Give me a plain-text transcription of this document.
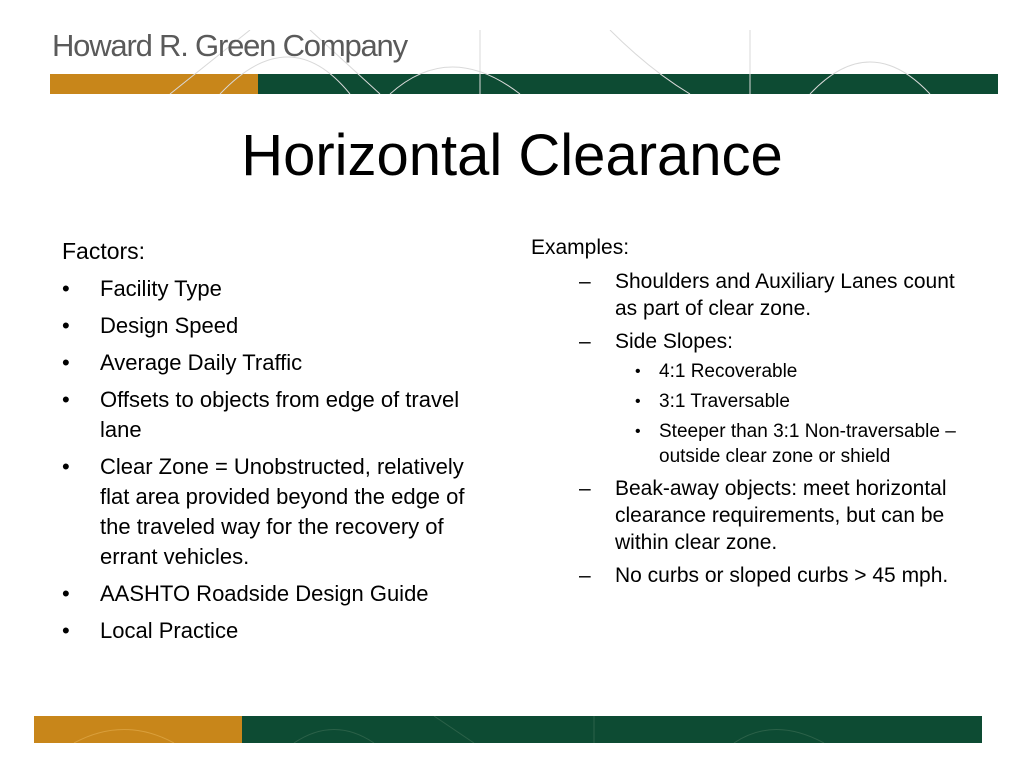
Howard R. Green Company
Horizontal Clearance
Factors:
• Facility Type
• Design Speed
• Average Daily Traffic
• Offsets to objects from edge of travel lane
• Clear Zone = Unobstructed, relatively flat area provided beyond the edge of the traveled way for the recovery of errant vehicles.
• AASHTO Roadside Design Guide
• Local Practice
Examples:
– Shoulders and Auxiliary Lanes count as part of clear zone.
– Side Slopes:
• 4:1 Recoverable
• 3:1 Traversable
• Steeper than 3:1 Non-traversable – outside clear zone or shield
– Beak-away objects: meet horizontal clearance requirements, but can be within clear zone.
– No curbs or sloped curbs > 45 mph.
